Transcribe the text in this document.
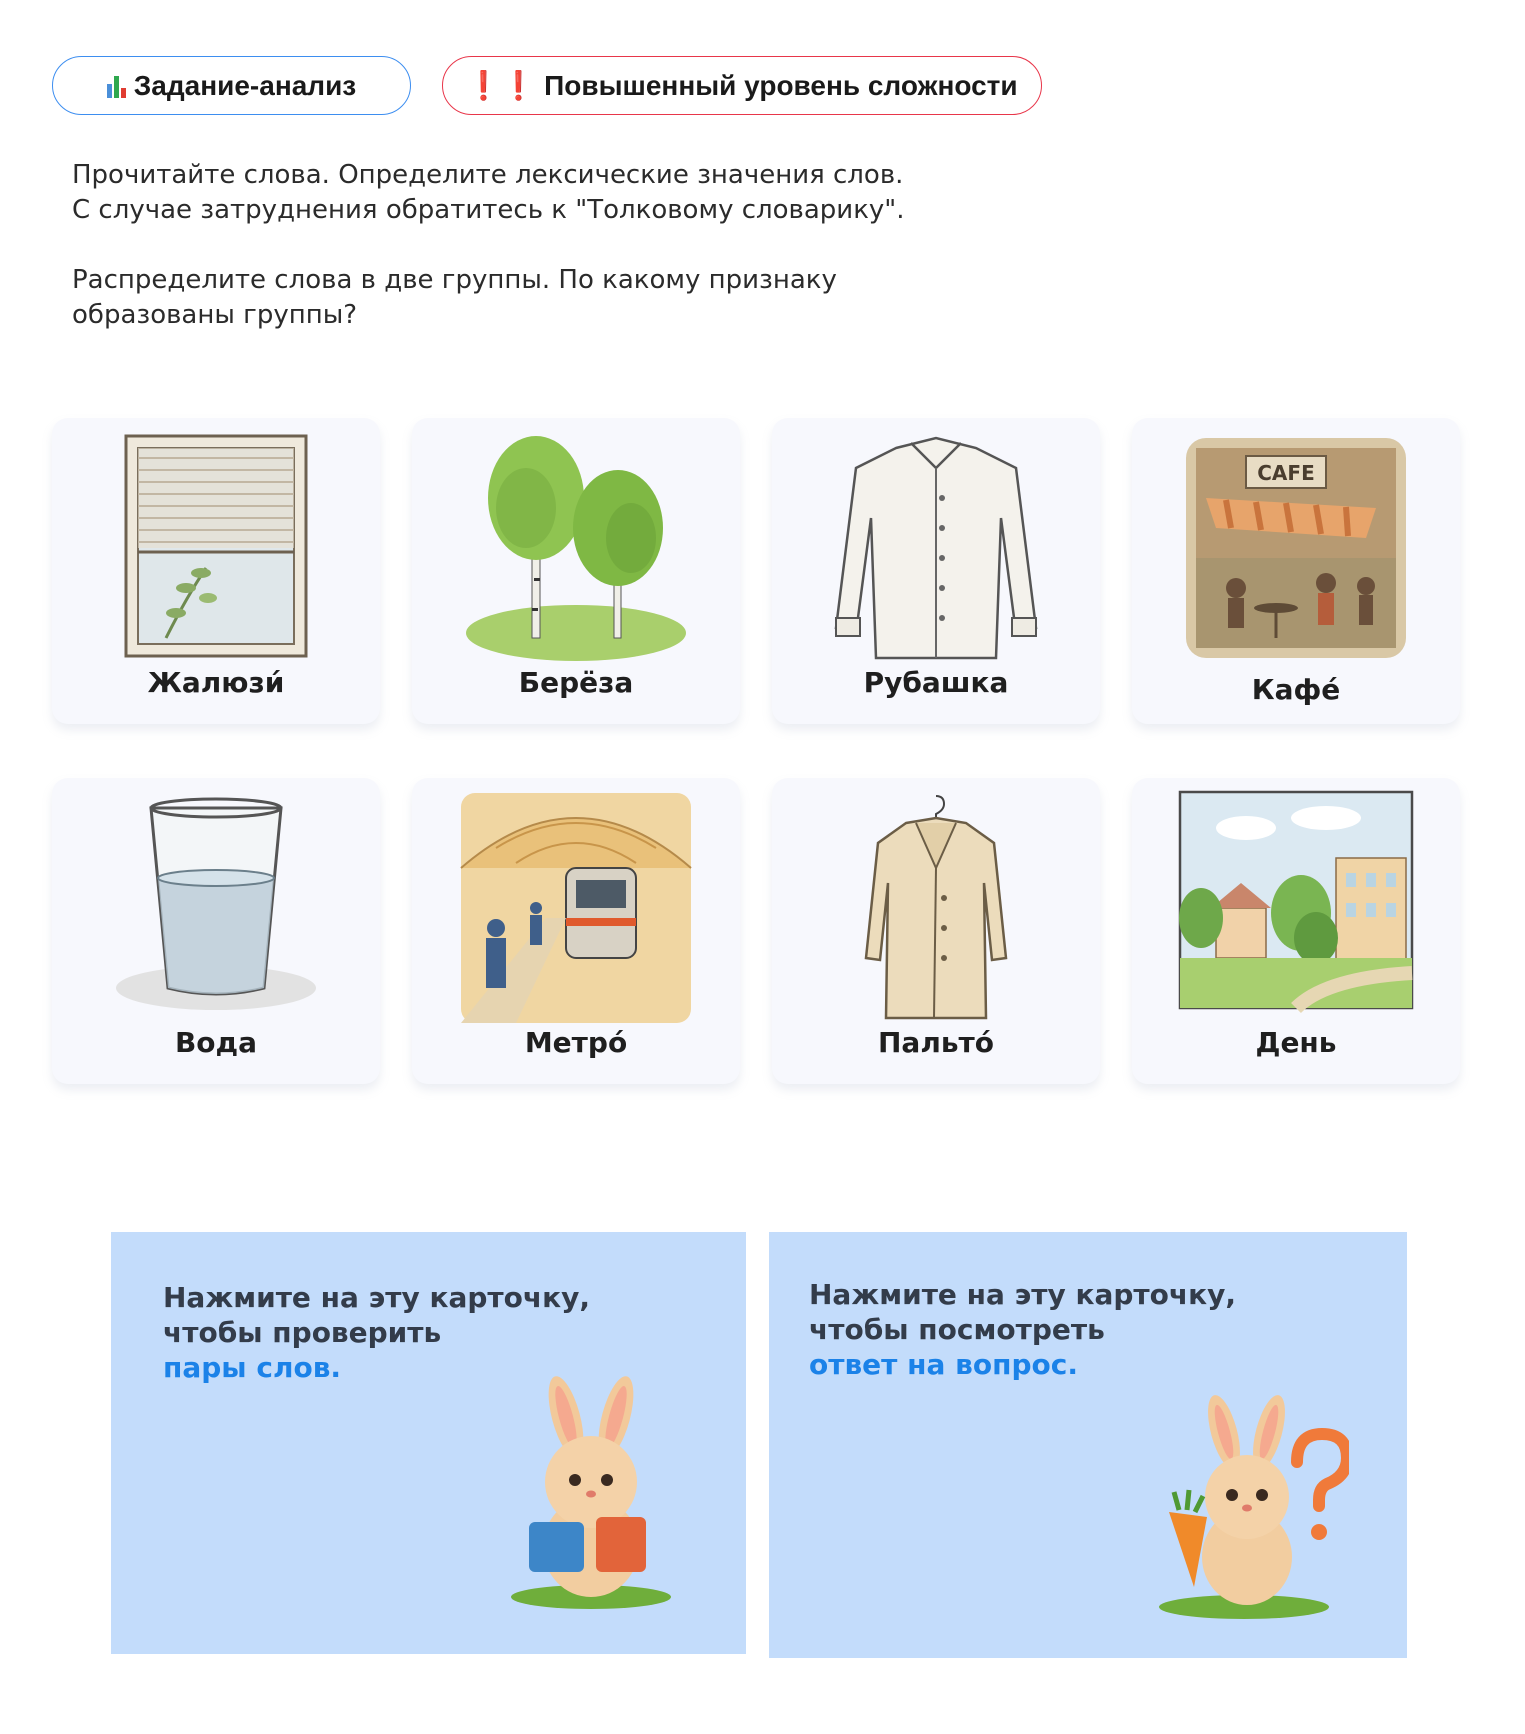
Задание-анализ	❗❗ Повышенный уровень сложности

Прочитайте слова. Определите лексические значения слов.
С случае затруднения обратитесь к "Толковому словарику".

Распределите слова в две группы. По какому признаку
образованы группы?

Жалюзи́	Берёза	Рубашка
CAFE
Кафе́
Вода	Метро́	Пальто́	День
Нажмите на эту карточку,
чтобы проверить
пары слов.
Нажмите на эту карточку,
чтобы посмотреть
ответ на вопрос.
